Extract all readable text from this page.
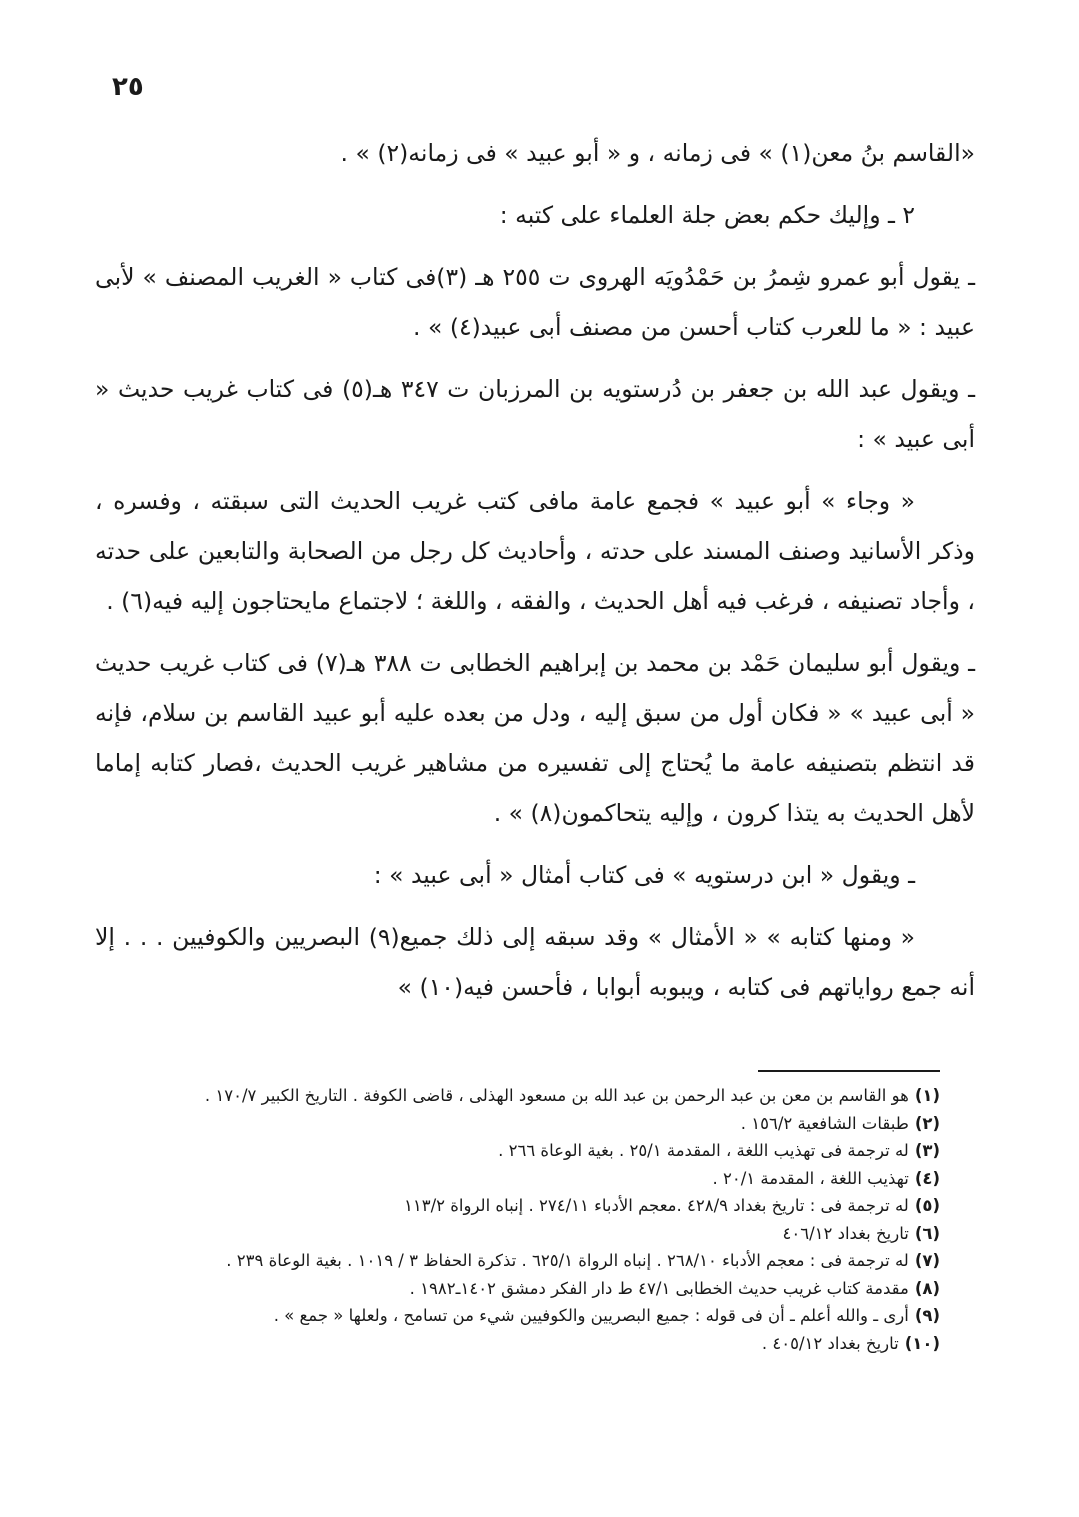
٢٥

«القاسم بنُ معن(١) » فى زمانه ، و « أبو عبيد » فى زمانه(٢) » .

٢ ـ وإليك حكم بعض جلة العلماء على كتبه :

ـ يقول أبو عمرو شِمرُ بن حَمْدُويَه الهروى ت ٢٥٥ هـ (٣)فى كتاب « الغريب المصنف » لأبى عبيد : « ما للعرب كتاب أحسن من مصنف أبى عبيد(٤) » .

ـ ويقول عبد الله بن جعفر بن دُرستويه بن المرزبان ت ٣٤٧ هـ(٥) فى كتاب غريب حديث « أبى عبيد » :

« وجاء » أبو عبيد » فجمع عامة مافى كتب غريب الحديث التى سبقته ، وفسره ، وذكر الأسانيد وصنف المسند على حدته ، وأحاديث كل رجل من الصحابة والتابعين على حدته ، وأجاد تصنيفه ، فرغب فيه أهل الحديث ، والفقه ، واللغة ؛ لاجتماع مايحتاجون إليه فيه(٦) .

ـ ويقول أبو سليمان حَمْد بن محمد بن إبراهيم الخطابى ت ٣٨٨ هـ(٧) فى كتاب غريب حديث « أبى عبيد » « فكان أول من سبق إليه ، ودل من بعده عليه أبو عبيد القاسم بن سلام، فإنه قد انتظم بتصنيفه عامة ما يُحتاج إلى تفسيره من مشاهير غريب الحديث ،فصار كتابه إماما لأهل الحديث به يتذا كرون ، وإليه يتحاكمون(٨) » .

ـ ويقول « ابن درستويه » فى كتاب أمثال « أبى عبيد » :

« ومنها كتابه » « الأمثال » وقد سبقه إلى ذلك جميع(٩) البصريين والكوفيين . . . إلا أنه جمع رواياتهم فى كتابه ، ويبوبه أبوابا ، فأحسن فيه(١٠) »

(١)هو القاسم بن معن بن عبد الرحمن بن عبد الله بن مسعود الهذلى ، قاضى الكوفة . التاريخ الكبير ١٧٠/٧ .

(٢)طبقات الشافعية ١٥٦/٢ .

(٣)له ترجمة فى تهذيب اللغة ، المقدمة ٢٥/١ . بغية الوعاة ٢٦٦ .

(٤)تهذيب اللغة ، المقدمة ٢٠/١ .

(٥)له ترجمة فى : تاريخ بغداد ٤٢٨/٩ .معجم الأدباء ٢٧٤/١١ . إنباه الرواة ١١٣/٢

(٦)تاريخ بغداد ٤٠٦/١٢

(٧)له ترجمة فى : معجم الأدباء ٢٦٨/١٠ . إنباه الرواة ٦٢٥/١ . تذكرة الحفاظ ٣ / ١٠١٩ . بغية الوعاة ٢٣٩ .

(٨)مقدمة كتاب غريب حديث الخطابى ٤٧/١ ط دار الفكر دمشق ١٤٠٢ـ١٩٨٢ .

(٩)أرى ـ والله أعلم ـ أن فى قوله : جميع البصريين والكوفيين شيء من تسامح ، ولعلها « جمع » .

(١٠)تاريخ بغداد ٤٠٥/١٢ .
